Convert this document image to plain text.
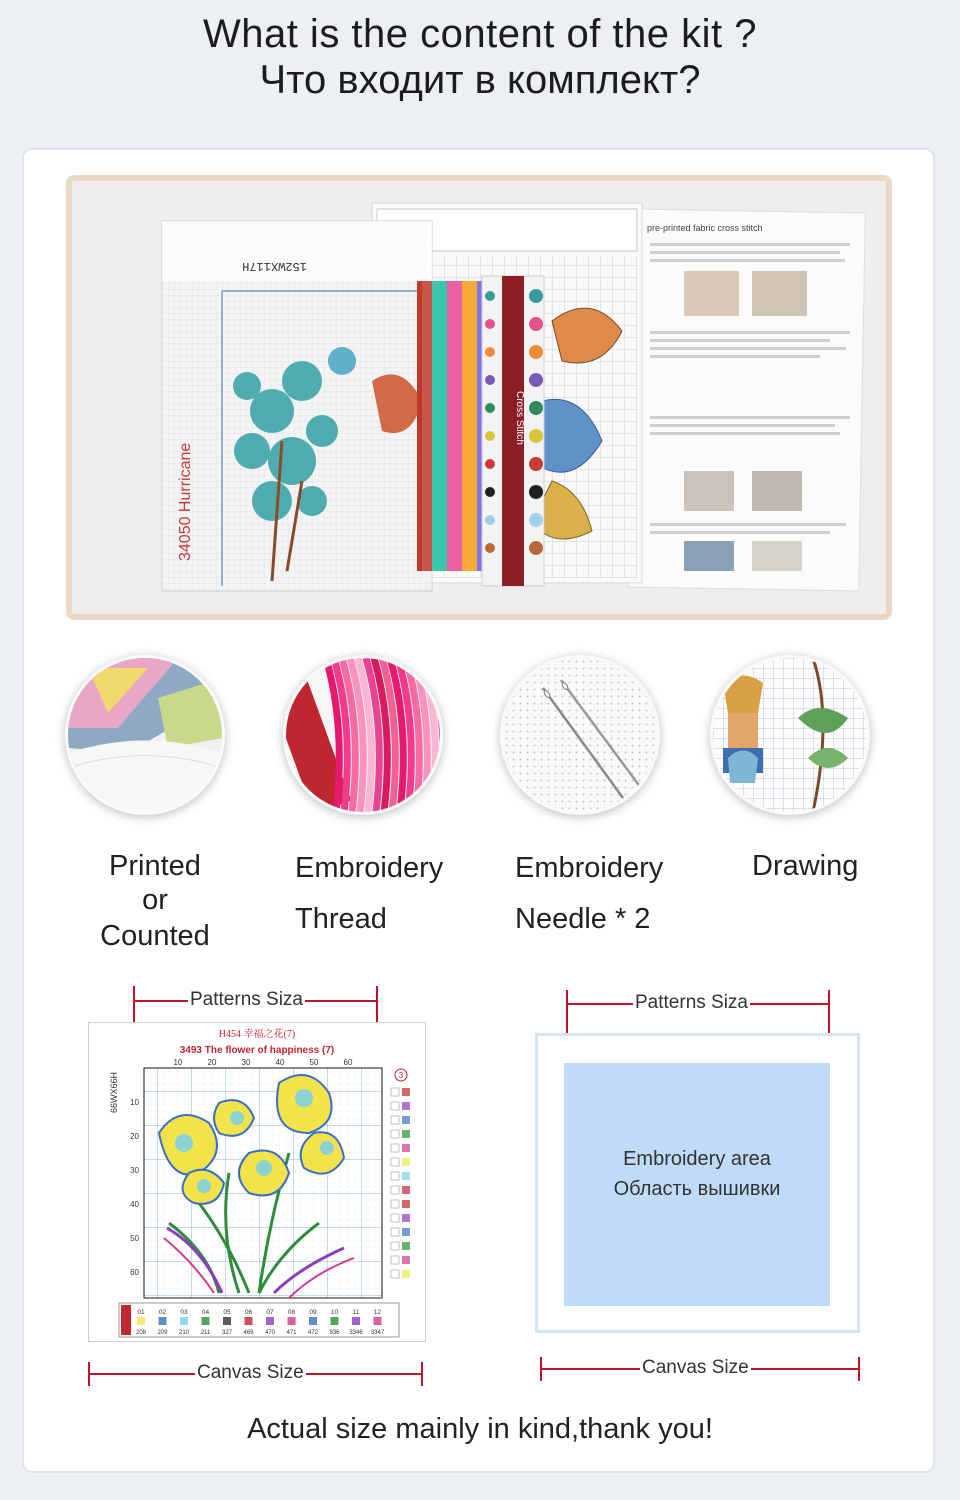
What is the content of the kit ?
Что входит в комплект?
pre-printed fabric cross stitch
152WX117H
34050 Hurricane
Cross Stitch
Printed
or
Counted
Embroidery
Thread
Embroidery
Needle * 2
Drawing
Patterns Siza
H454 幸福之花(7)
3493 The flower of happiness (7)
66WX66H
10	20	30	40	50	60
10
20
30
40
50
60
3
01
208
02
209
03
210
04
211
05
327
06
469
07
470
08
471
09
472
10
936
11
3346
12
3347
Canvas Size
Patterns Siza
Embroidery area
Область вышивки
Canvas Size
Actual size mainly in kind,thank you!
